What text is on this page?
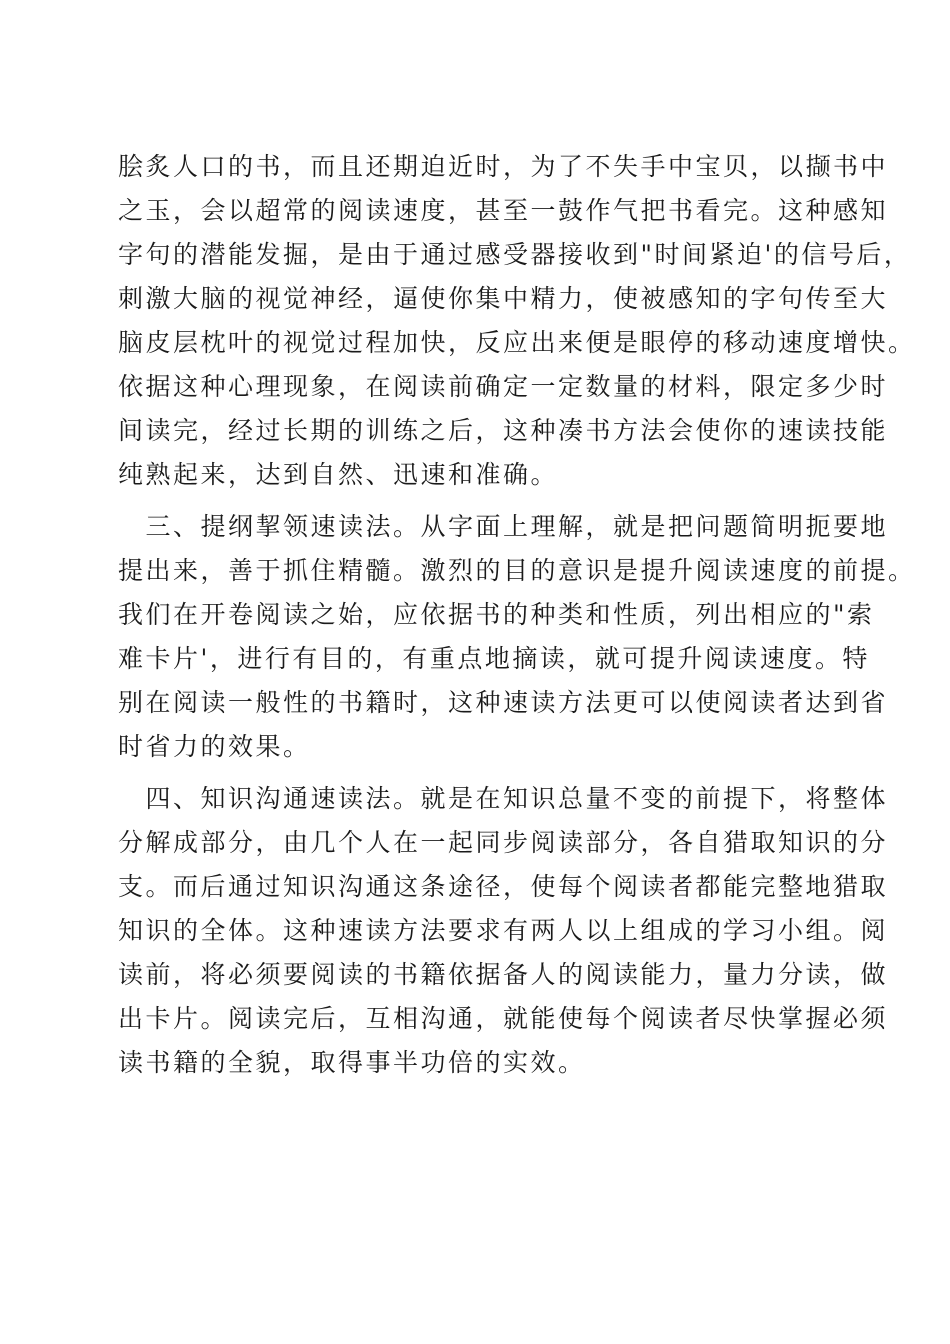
脍炙人口的书，而且还期迫近时，为了不失手中宝贝，以撷书中
之玉，会以超常的阅读速度，甚至一鼓作气把书看完。这种感知
字句的潜能发掘，是由于通过感受器接收到"时间紧迫'的信号后，
刺激大脑的视觉神经，逼使你集中精力，使被感知的字句传至大
脑皮层枕叶的视觉过程加快，反应出来便是眼停的移动速度增快。
依据这种心理现象，在阅读前确定一定数量的材料，限定多少时
间读完，经过长期的训练之后，这种凑书方法会使你的速读技能
纯熟起来，达到自然、迅速和准确。
　三、提纲挈领速读法。从字面上理解，就是把问题简明扼要地
提出来，善于抓住精髓。激烈的目的意识是提升阅读速度的前提。
我们在开卷阅读之始，应依据书的种类和性质，列出相应的"索
难卡片'，进行有目的，有重点地摘读，就可提升阅读速度。特
别在阅读一般性的书籍时，这种速读方法更可以使阅读者达到省
时省力的效果。
　四、知识沟通速读法。就是在知识总量不变的前提下，将整体
分解成部分，由几个人在一起同步阅读部分，各自猎取知识的分
支。而后通过知识沟通这条途径，使每个阅读者都能完整地猎取
知识的全体。这种速读方法要求有两人以上组成的学习小组。阅
读前，将必须要阅读的书籍依据备人的阅读能力，量力分读，做
出卡片。阅读完后，互相沟通，就能使每个阅读者尽快掌握必须
读书籍的全貌，取得事半功倍的实效。
